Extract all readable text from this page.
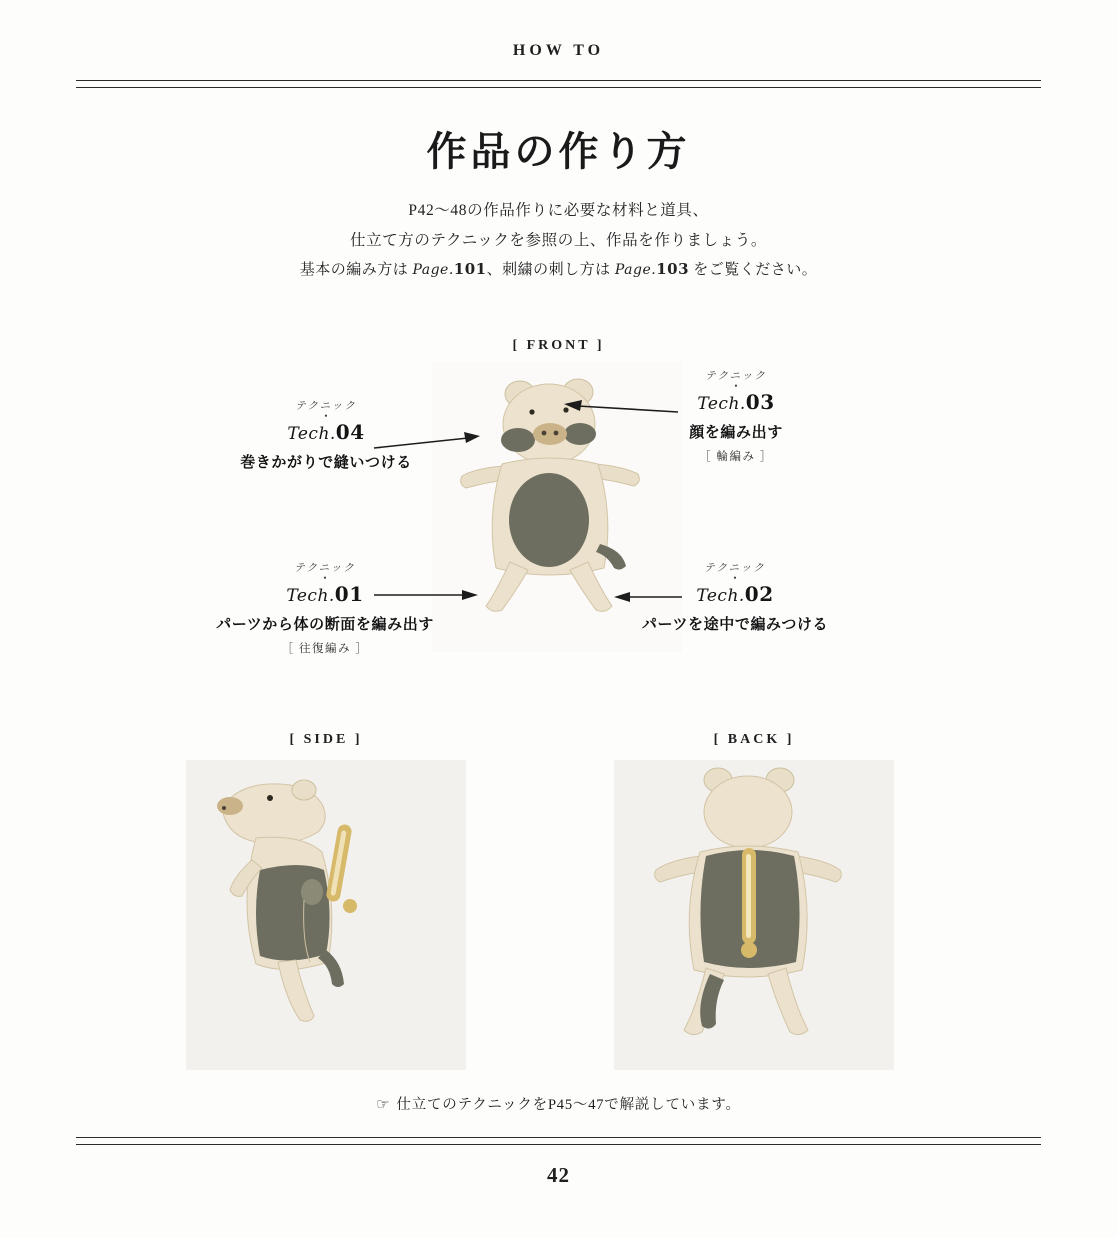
HOW TO
作品の作り方
P42〜48の作品作りに必要な材料と道具、
仕立て方のテクニックを参照の上、作品を作りましょう。
基本の編み方は Page.101、刺繍の刺し方は Page.103 をご覧ください。
[ FRONT ]
テクニック
•
Tech.04
巻きかがりで縫いつける
テクニック
•
Tech.03
顔を編み出す
［ 輪編み ］
テクニック
•
Tech.01
パーツから体の断面を編み出す
［ 往復編み ］
テクニック
•
Tech.02
パーツを途中で編みつける
[ SIDE ]	[ BACK ]
☞ 仕立てのテクニックをP45〜47で解説しています。
42
